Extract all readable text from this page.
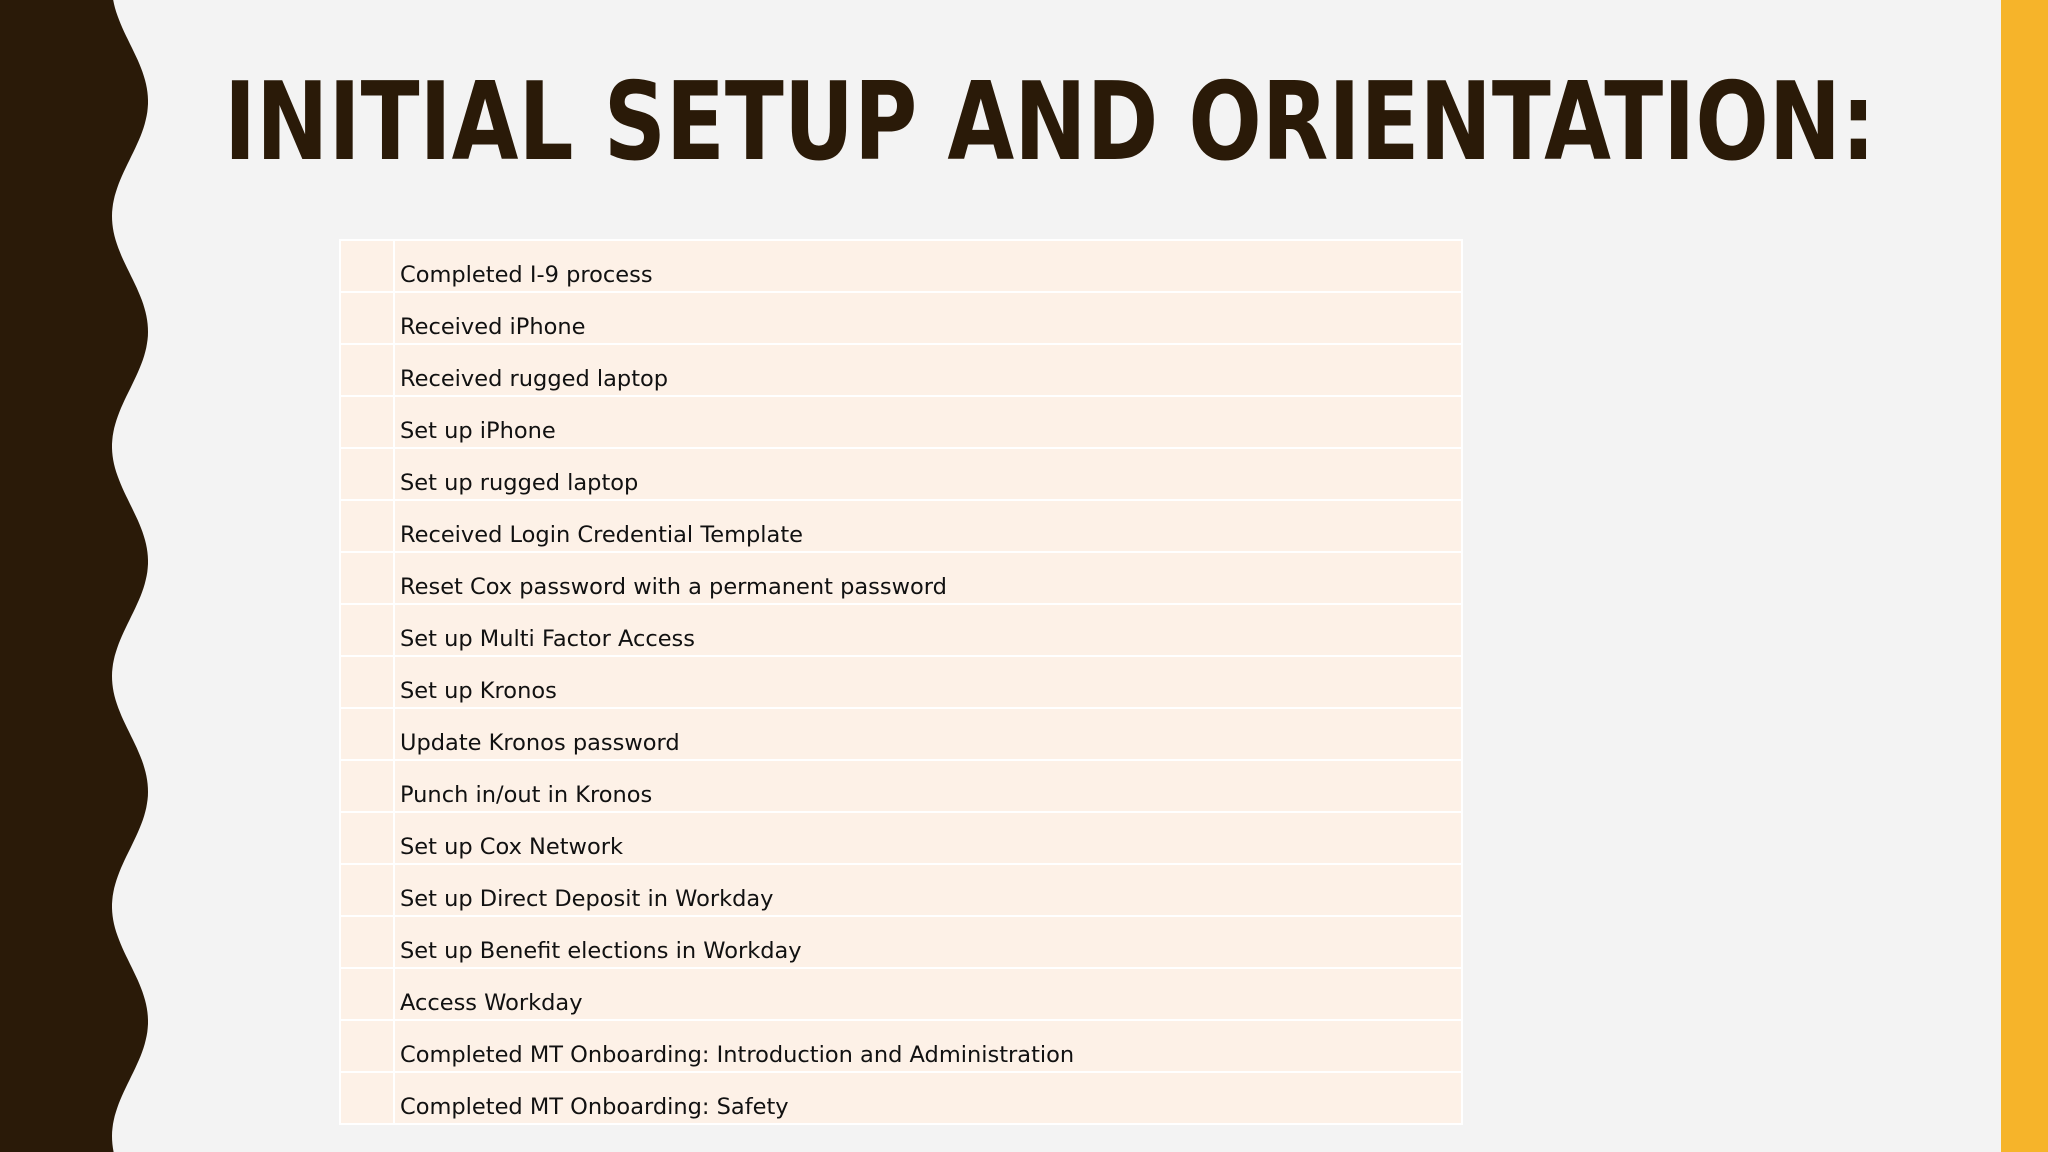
INITIAL SETUP AND ORIENTATION:
	Completed I-9 process
	Received iPhone
	Received rugged laptop
	Set up iPhone
	Set up rugged laptop
	Received Login Credential Template
	Reset Cox password with a permanent password
	Set up Multi Factor Access
	Set up Kronos
	Update Kronos password
	Punch in/out in Kronos
	Set up Cox Network
	Set up Direct Deposit in Workday
	Set up Benefit elections in Workday
	Access Workday
	Completed MT Onboarding: Introduction and Administration
	Completed MT Onboarding: Safety
